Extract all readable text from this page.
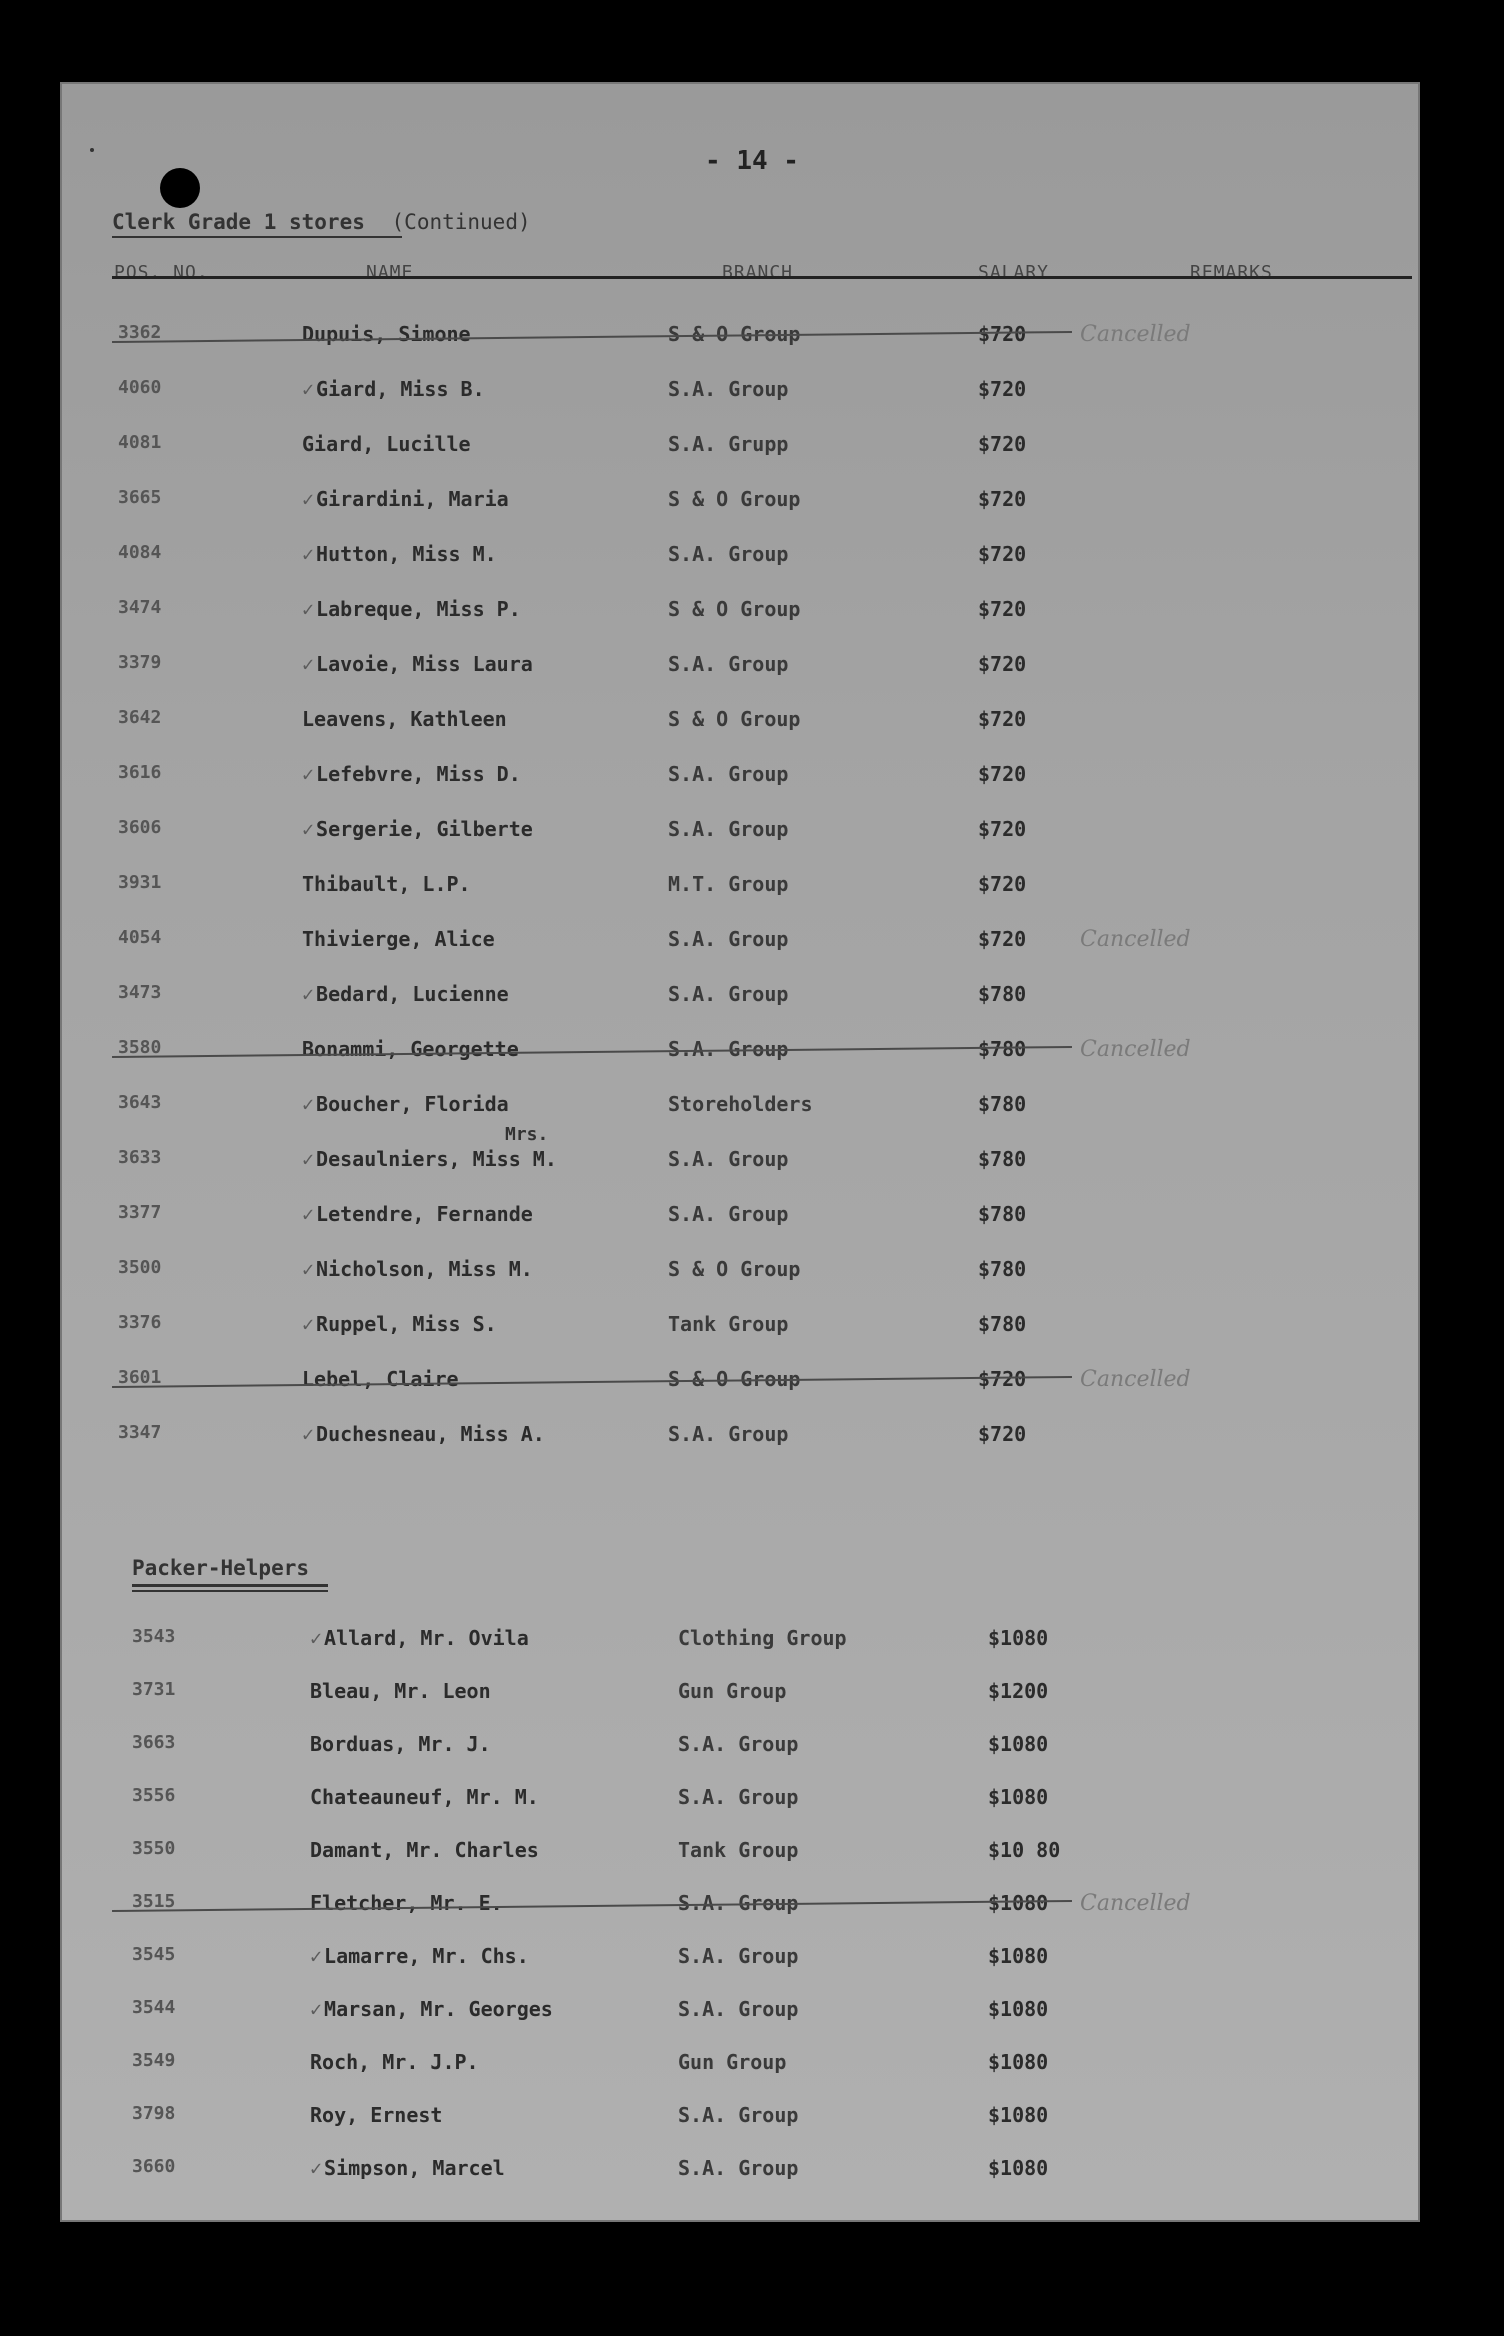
- 14 -
Clerk Grade 1 stores (Continued)
POS. NO.	NAME	BRANCH	SALARY	REMARKS
3362	Dupuis, Simone	S & O Group	$720 Cancelled
4060	✓ Giard, Miss B.	S.A. Group	$720
4081	Giard, Lucille	S.A. Grupp	$720
3665	✓ Girardini, Maria	S & O Group	$720
4084	✓ Hutton, Miss M.	S.A. Group	$720
3474	✓ Labreque, Miss P.	S & O Group	$720
3379	✓ Lavoie, Miss Laura	S.A. Group	$720
3642	Leavens, Kathleen	S & O Group	$720
3616	✓ Lefebvre, Miss D.	S.A. Group	$720
3606	✓ Sergerie, Gilberte	S.A. Group	$720
3931	Thibault, L.P.	M.T. Group	$720
4054	Thivierge, Alice	S.A. Group	$720 Cancelled
3473	✓ Bedard, Lucienne	S.A. Group	$780
3580	Bonammi, Georgette	S.A. Group	$780 Cancelled
3643	✓ Boucher, Florida	Storeholders	$780
3633	✓ Desaulniers, Miss M.	S.A. Group	$780
3377	✓ Letendre, Fernande	S.A. Group	$780
3500	✓ Nicholson, Miss M.	S & O Group	$780
3376	✓ Ruppel, Miss S.	Tank Group	$780
3601	Lebel, Claire	S & O Group	$720 Cancelled
3347	✓ Duchesneau, Miss A.	S.A. Group	$720
Mrs.
Packer-Helpers
3543	✓ Allard, Mr. Ovila	Clothing Group	$1080
3731	Bleau, Mr. Leon	Gun Group	$1200
3663	Borduas, Mr. J.	S.A. Group	$1080
3556	Chateauneuf, Mr. M.	S.A. Group	$1080
3550	Damant, Mr. Charles	Tank Group	$10 80
3515	Fletcher, Mr. E.	S.A. Group	$1080 Cancelled
3545	✓ Lamarre, Mr. Chs.	S.A. Group	$1080
3544	✓ Marsan, Mr. Georges	S.A. Group	$1080
3549	Roch, Mr. J.P.	Gun Group	$1080
3798	Roy, Ernest	S.A. Group	$1080
3660	✓ Simpson, Marcel	S.A. Group	$1080
